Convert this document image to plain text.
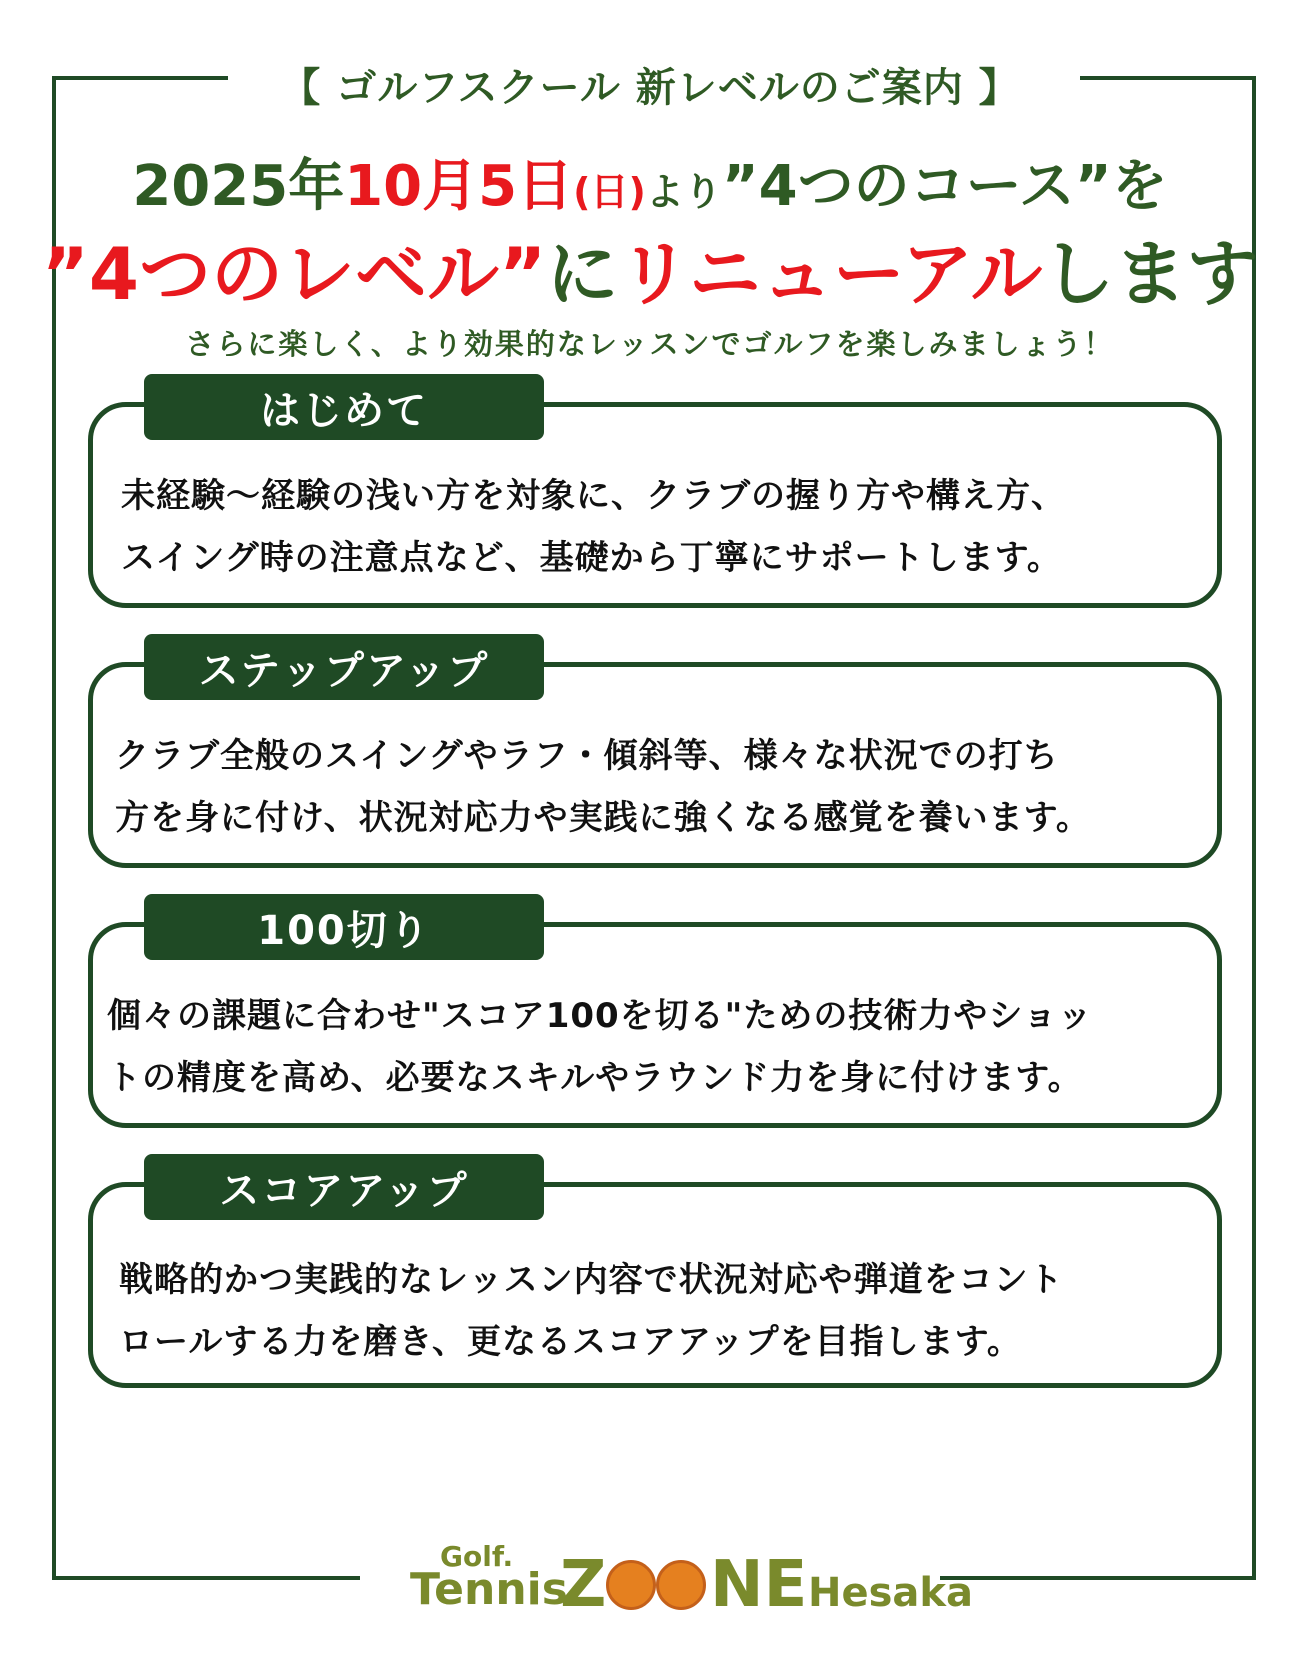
【 ゴルフスクール 新レベルのご案内 】
2025年10月5日(日)より”4つのコース”を
”4つのレベル”にリニューアルします
さらに楽しく、より効果的なレッスンでゴルフを楽しみましょう！
未経験〜経験の浅い方を対象に、クラブの握り方や構え方、
スイング時の注意点など、基礎から丁寧にサポートします。
はじめて
クラブ全般のスイングやラフ・傾斜等、様々な状況での打ち
方を身に付け、状況対応力や実践に強くなる感覚を養います。
ステップアップ
個々の課題に合わせ"スコア100を切る"ための技術力やショッ
トの精度を高め、必要なスキルやラウンド力を身に付けます。
100切り
戦略的かつ実践的なレッスン内容で状況対応や弾道をコント
ロールする力を磨き、更なるスコアアップを目指します。
スコアアップ
Golf.
Tennis
Z NE Hesaka
